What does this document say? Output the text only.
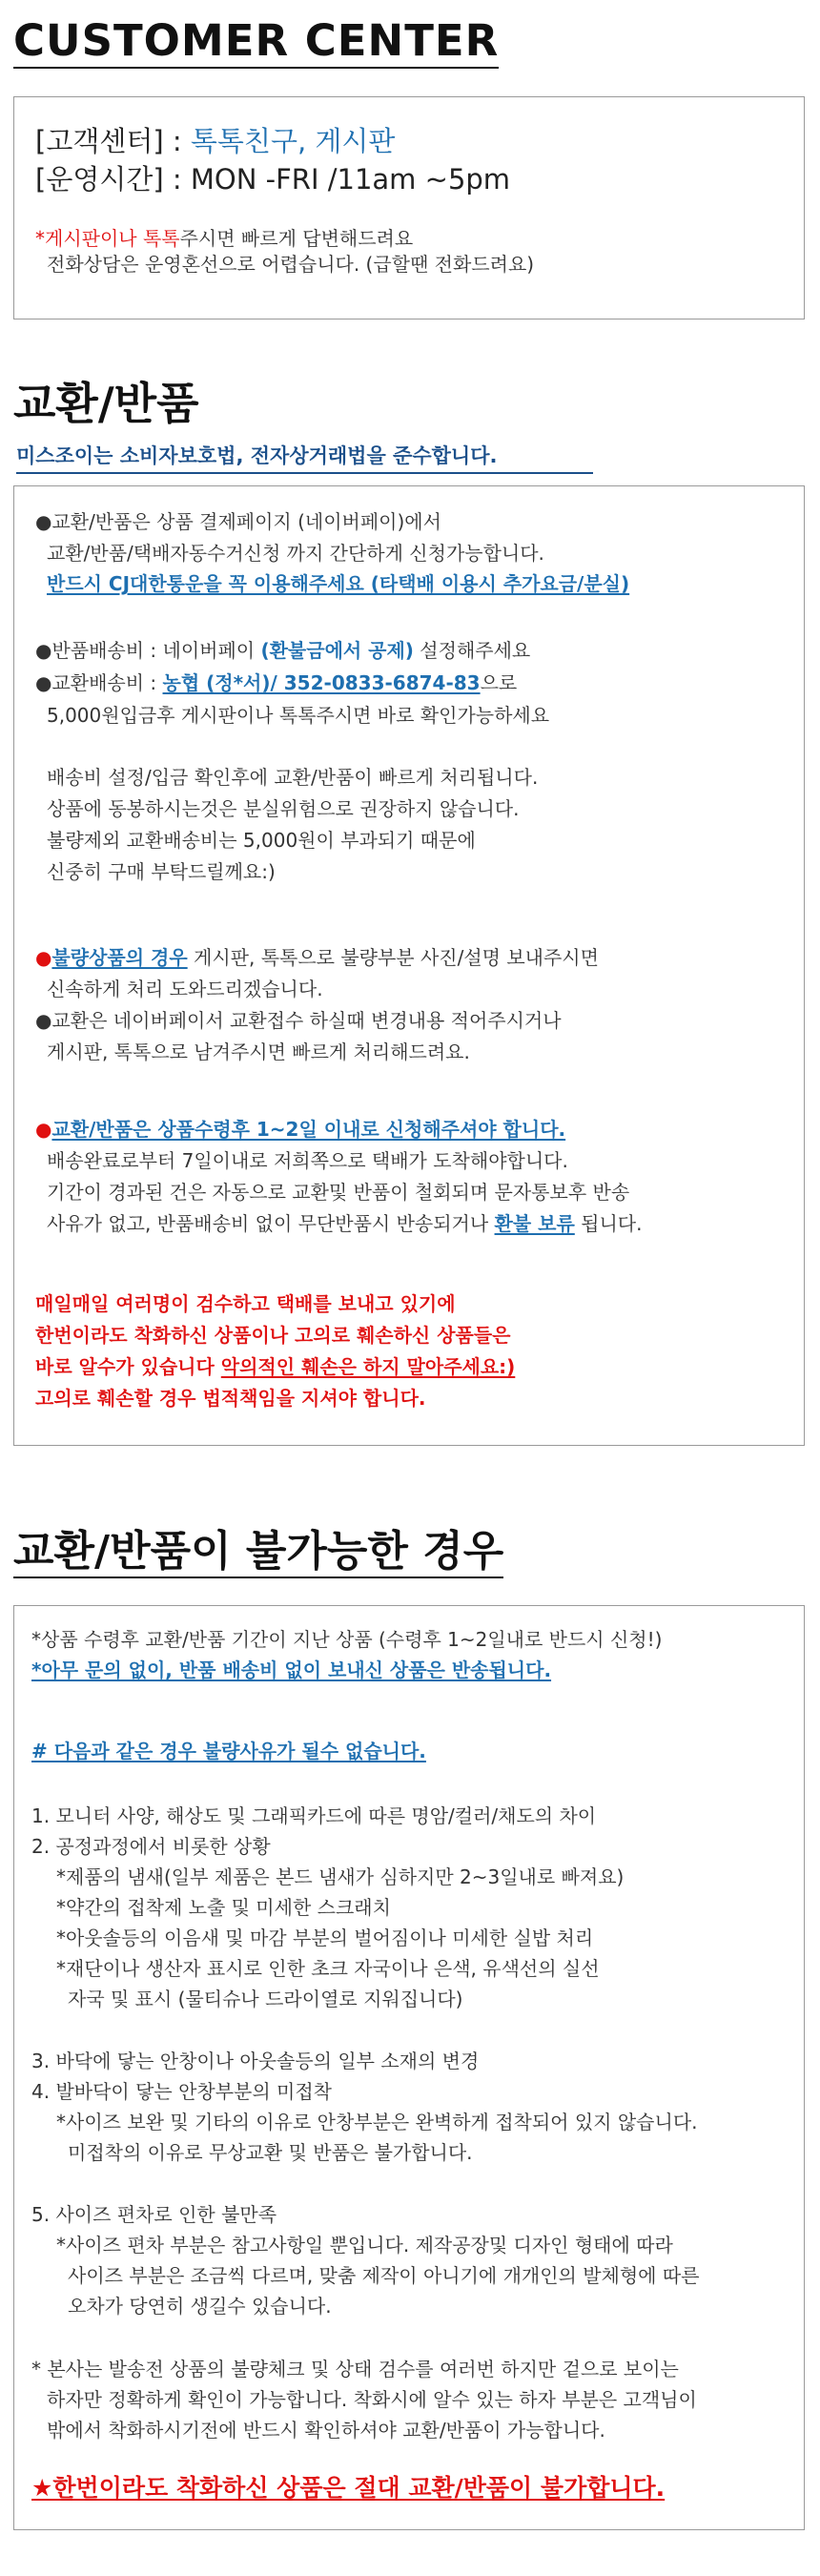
CUSTOMER CENTER
[고객센터] : 톡톡친구, 게시판
[운영시간] : MON -FRI /11am ~5pm
*게시판이나 톡톡주시면 빠르게 답변해드려요
전화상담은 운영혼선으로 어렵습니다. (급할땐 전화드려요)
교환/반품
미스조이는 소비자보호법, 전자상거래법을 준수합니다.
●교환/반품은 상품 결제페이지 (네이버페이)에서
교환/반품/택배자동수거신청 까지 간단하게 신청가능합니다.
반드시 CJ대한통운을 꼭 이용해주세요 (타택배 이용시 추가요금/분실)
●반품배송비 : 네이버페이 (환불금에서 공제) 설정해주세요
●교환배송비 : 농협 (정*서)/ 352-0833-6874-83으로
5,000원입금후 게시판이나 톡톡주시면 바로 확인가능하세요
배송비 설정/입금 확인후에 교환/반품이 빠르게 처리됩니다.
상품에 동봉하시는것은 분실위험으로 권장하지 않습니다.
불량제외 교환배송비는 5,000원이 부과되기 때문에
신중히 구매 부탁드릴께요:)
●불량상품의 경우 게시판, 톡톡으로 불량부분 사진/설명 보내주시면
신속하게 처리 도와드리겠습니다.
●교환은 네이버페이서 교환접수 하실때 변경내용 적어주시거나
게시판, 톡톡으로 남겨주시면 빠르게 처리해드려요.
●교환/반품은 상품수령후 1~2일 이내로 신청해주셔야 합니다.
배송완료로부터 7일이내로 저희쪽으로 택배가 도착해야합니다.
기간이 경과된 건은 자동으로 교환및 반품이 철회되며 문자통보후 반송
사유가 없고, 반품배송비 없이 무단반품시 반송되거나 환불 보류 됩니다.
매일매일 여러명이 검수하고 택배를 보내고 있기에
한번이라도 착화하신 상품이나 고의로 훼손하신 상품들은
바로 알수가 있습니다 악의적인 훼손은 하지 말아주세요:)
고의로 훼손할 경우 법적책임을 지셔야 합니다.
교환/반품이 불가능한 경우
*상품 수령후 교환/반품 기간이 지난 상품 (수령후 1~2일내로 반드시 신청!)
*아무 문의 없이, 반품 배송비 없이 보내신 상품은 반송됩니다.
# 다음과 같은 경우 불량사유가 될수 없습니다.
1. 모니터 사양, 해상도 및 그래픽카드에 따른 명암/컬러/채도의 차이
2. 공정과정에서 비롯한 상황
*제품의 냄새(일부 제품은 본드 냄새가 심하지만 2~3일내로 빠져요)
*약간의 접착제 노출 및 미세한 스크래치
*아웃솔등의 이음새 및 마감 부분의 벌어짐이나 미세한 실밥 처리
*재단이나 생산자 표시로 인한 초크 자국이나 은색, 유색선의 실선
자국 및 표시 (물티슈나 드라이열로 지워집니다)
3. 바닥에 닿는 안창이나 아웃솔등의 일부 소재의 변경
4. 발바닥이 닿는 안창부분의 미접착
*사이즈 보완 및 기타의 이유로 안창부분은 완벽하게 접착되어 있지 않습니다.
미접착의 이유로 무상교환 및 반품은 불가합니다.
5. 사이즈 편차로 인한 불만족
*사이즈 편차 부분은 참고사항일 뿐입니다. 제작공장및 디자인 형태에 따라
사이즈 부분은 조금씩 다르며, 맞춤 제작이 아니기에 개개인의 발체형에 따른
오차가 당연히 생길수 있습니다.
* 본사는 발송전 상품의 불량체크 및 상태 검수를 여러번 하지만 겉으로 보이는
하자만 정확하게 확인이 가능합니다. 착화시에 알수 있는 하자 부분은 고객님이
밖에서 착화하시기전에 반드시 확인하셔야 교환/반품이 가능합니다.
★한번이라도 착화하신 상품은 절대 교환/반품이 불가합니다.
